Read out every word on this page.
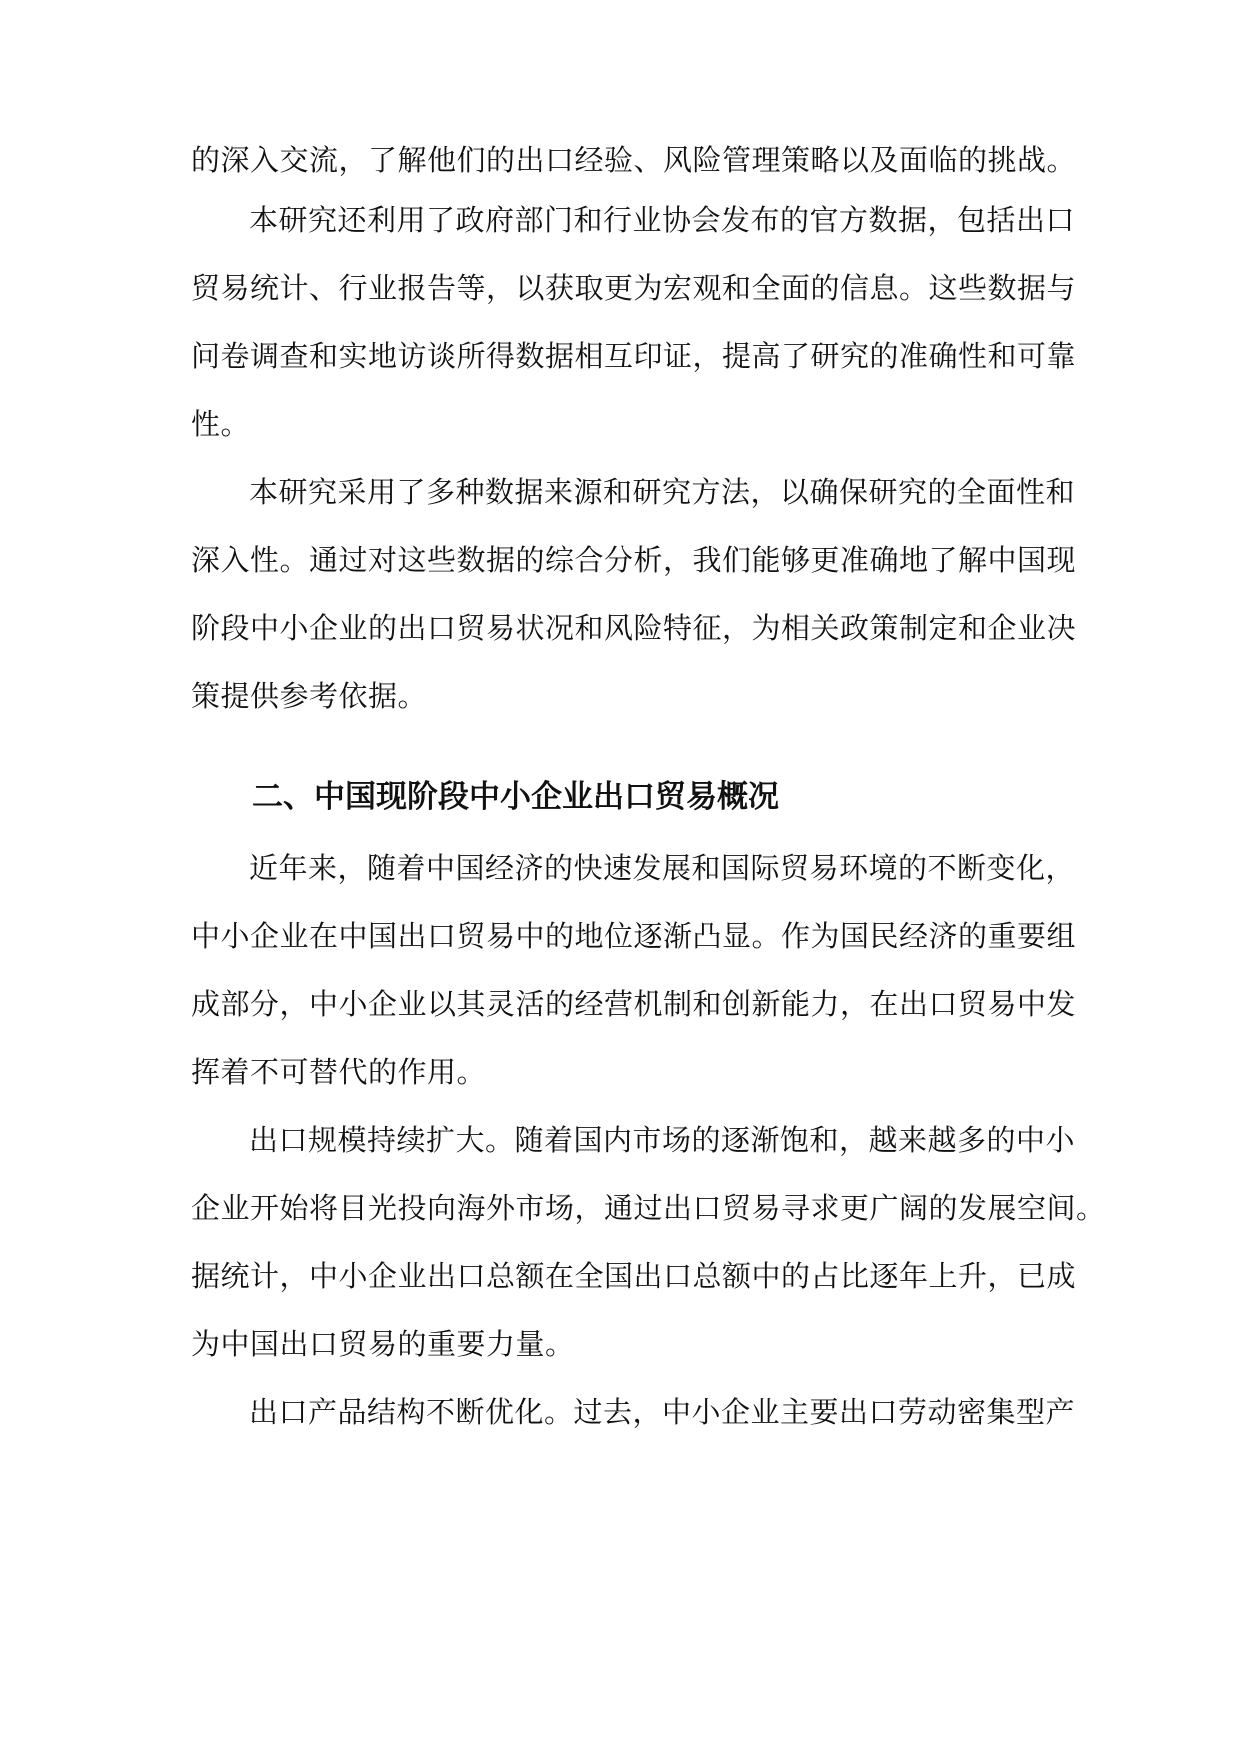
的深入交流，了解他们的出口经验、风险管理策略以及面临的挑战。
本研究还利用了政府部门和行业协会发布的官方数据，包括出口
贸易统计、行业报告等，以获取更为宏观和全面的信息。这些数据与
问卷调查和实地访谈所得数据相互印证，提高了研究的准确性和可靠
性。
本研究采用了多种数据来源和研究方法，以确保研究的全面性和
深入性。通过对这些数据的综合分析，我们能够更准确地了解中国现
阶段中小企业的出口贸易状况和风险特征，为相关政策制定和企业决
策提供参考依据。
二、中国现阶段中小企业出口贸易概况
近年来，随着中国经济的快速发展和国际贸易环境的不断变化，
中小企业在中国出口贸易中的地位逐渐凸显。作为国民经济的重要组
成部分，中小企业以其灵活的经营机制和创新能力，在出口贸易中发
挥着不可替代的作用。
出口规模持续扩大。随着国内市场的逐渐饱和，越来越多的中小
企业开始将目光投向海外市场，通过出口贸易寻求更广阔的发展空间。
据统计，中小企业出口总额在全国出口总额中的占比逐年上升，已成
为中国出口贸易的重要力量。
出口产品结构不断优化。过去，中小企业主要出口劳动密集型产
